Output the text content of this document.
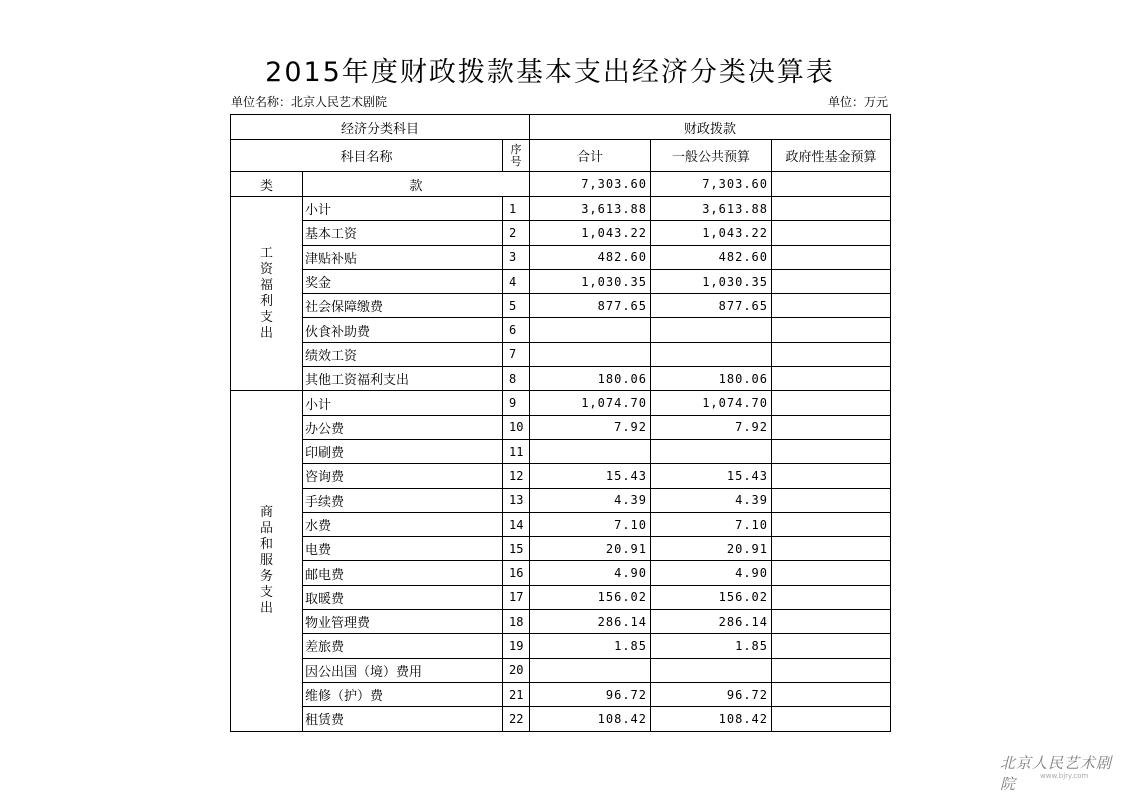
2015年度财政拨款基本支出经济分类决算表
单位名称：北京人民艺术剧院	单位：万元
经济分类科目			财政拨款		
科目名称		序号	合计	一般公共预算	政府性基金预算
类	款		7,303.60	7,303.60	
工资福利支出	小计	1	3,613.88	3,613.88	
	基本工资	2	1,043.22	1,043.22	
	津贴补贴	3	482.60	482.60	
	奖金	4	1,030.35	1,030.35	
	社会保障缴费	5	877.65	877.65	
	伙食补助费	6			
	绩效工资	7			
	其他工资福利支出	8	180.06	180.06	
商品和服务支出	小计	9	1,074.70	1,074.70	
	办公费	10	7.92	7.92	
	印刷费	11			
	咨询费	12	15.43	15.43	
	手续费	13	4.39	4.39	
	水费	14	7.10	7.10	
	电费	15	20.91	20.91	
	邮电费	16	4.90	4.90	
	取暖费	17	156.02	156.02	
	物业管理费	18	286.14	286.14	
	差旅费	19	1.85	1.85	
	因公出国（境）费用	20			
	维修（护）费	21	96.72	96.72	
	租赁费	22	108.42	108.42	
北京人民艺术剧院	www.bjry.com
